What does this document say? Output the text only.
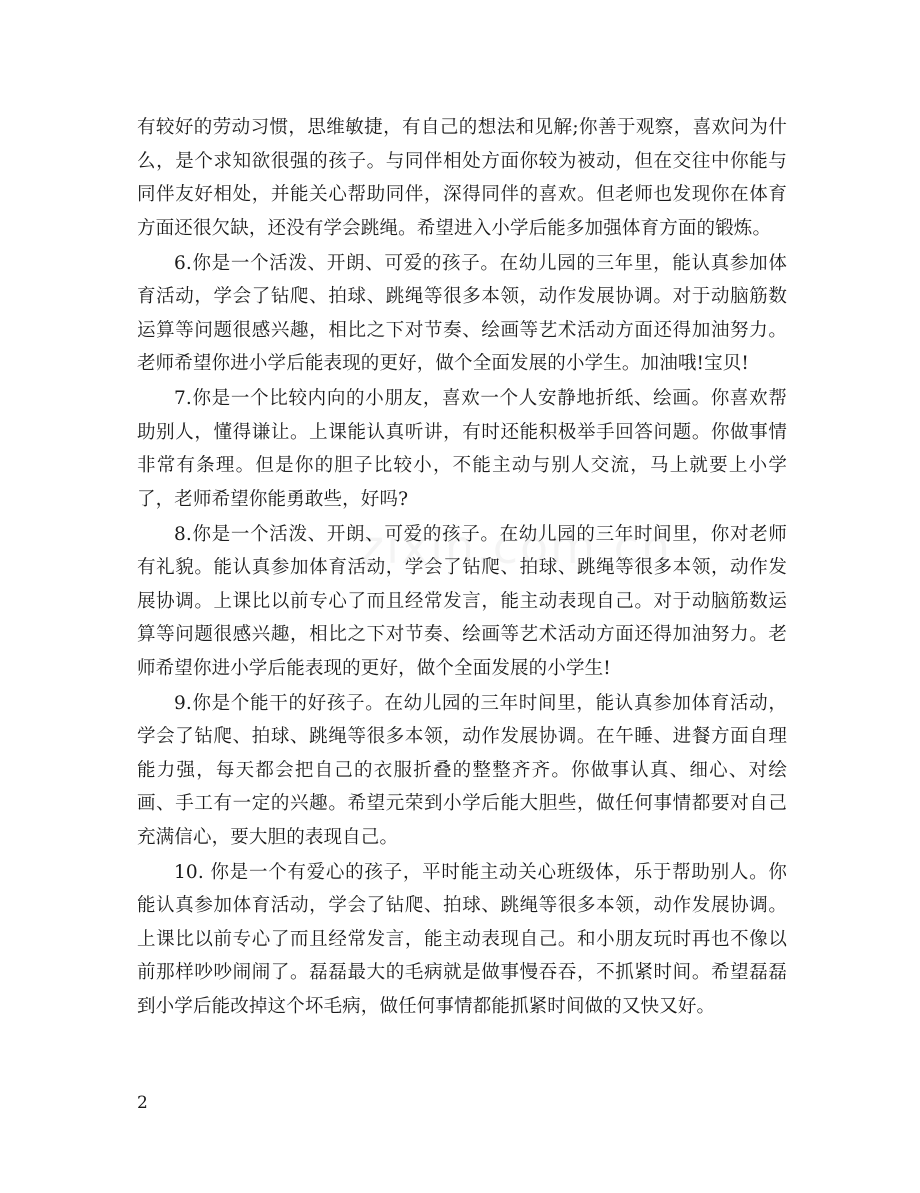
有较好的劳动习惯，思维敏捷，有自己的想法和见解;你善于观察，喜欢问为什么，是个求知欲很强的孩子。与同伴相处方面你较为被动，但在交往中你能与同伴友好相处，并能关心帮助同伴，深得同伴的喜欢。但老师也发现你在体育方面还很欠缺，还没有学会跳绳。希望进入小学后能多加强体育方面的锻炼。

6.你是一个活泼、开朗、可爱的孩子。在幼儿园的三年里，能认真参加体育活动，学会了钻爬、拍球、跳绳等很多本领，动作发展协调。对于动脑筋数运算等问题很感兴趣，相比之下对节奏、绘画等艺术活动方面还得加油努力。老师希望你进小学后能表现的更好，做个全面发展的小学生。加油哦!宝贝!

7.你是一个比较内向的小朋友，喜欢一个人安静地折纸、绘画。你喜欢帮助别人，懂得谦让。上课能认真听讲，有时还能积极举手回答问题。你做事情非常有条理。但是你的胆子比较小，不能主动与别人交流，马上就要上小学了，老师希望你能勇敢些，好吗?

8.你是一个活泼、开朗、可爱的孩子。在幼儿园的三年时间里，你对老师有礼貌。能认真参加体育活动，学会了钻爬、拍球、跳绳等很多本领，动作发展协调。上课比以前专心了而且经常发言，能主动表现自己。对于动脑筋数运算等问题很感兴趣，相比之下对节奏、绘画等艺术活动方面还得加油努力。老师希望你进小学后能表现的更好，做个全面发展的小学生!

9.你是个能干的好孩子。在幼儿园的三年时间里，能认真参加体育活动，学会了钻爬、拍球、跳绳等很多本领，动作发展协调。在午睡、进餐方面自理能力强，每天都会把自己的衣服折叠的整整齐齐。你做事认真、细心、对绘画、手工有一定的兴趣。希望元荣到小学后能大胆些，做任何事情都要对自己充满信心，要大胆的表现自己。

10. 你是一个有爱心的孩子，平时能主动关心班级体，乐于帮助别人。你能认真参加体育活动，学会了钻爬、拍球、跳绳等很多本领，动作发展协调。上课比以前专心了而且经常发言，能主动表现自己。和小朋友玩时再也不像以前那样吵吵闹闹了。磊磊最大的毛病就是做事慢吞吞，不抓紧时间。希望磊磊到小学后能改掉这个坏毛病，做任何事情都能抓紧时间做的又快又好。

2
